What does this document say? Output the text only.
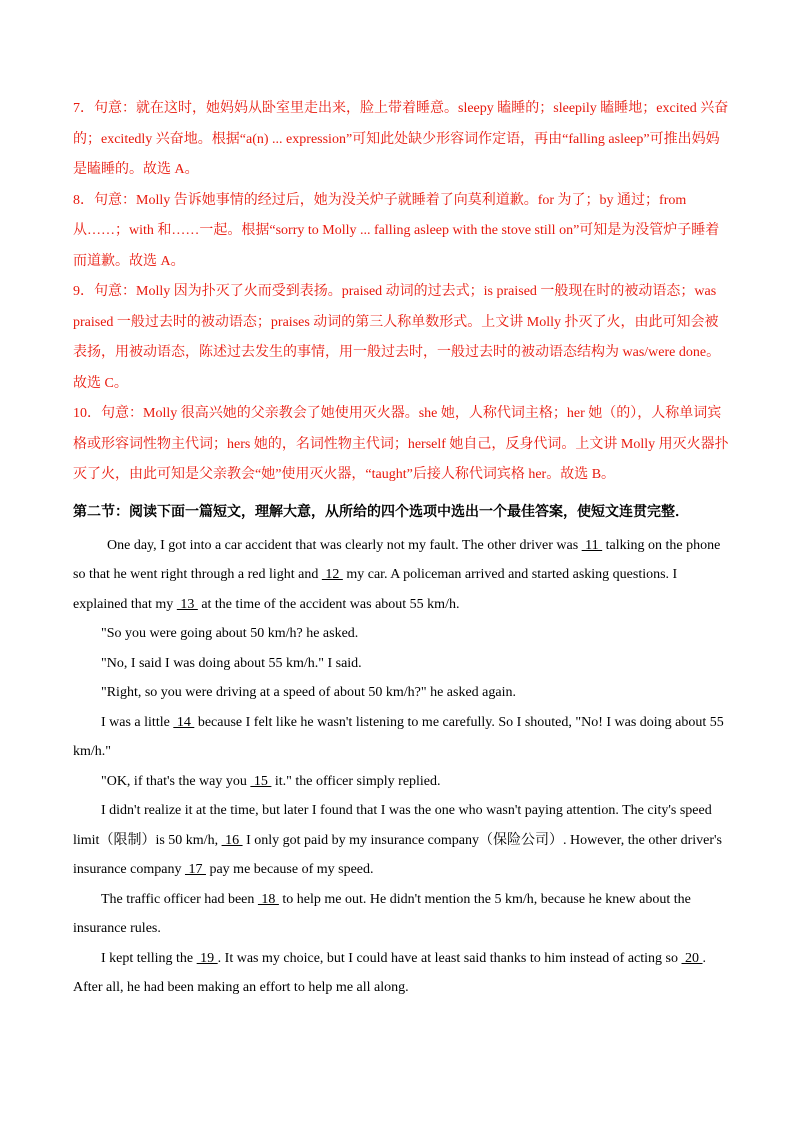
7．句意：就在这时，她妈妈从卧室里走出来，脸上带着睡意。sleepy 瞌睡的；sleepily 瞌睡地；excited 兴奋的；excitedly 兴奋地。根据“a(n) ... expression”可知此处缺少形容词作定语，再由“falling asleep”可推出妈妈是瞌睡的。故选 A。

8．句意：Molly 告诉她事情的经过后，她为没关炉子就睡着了向莫利道歉。for 为了；by 通过；from 从……；with 和……一起。根据“sorry to Molly ... falling asleep with the stove still on”可知是为没管炉子睡着而道歉。故选 A。

9．句意：Molly 因为扑灭了火而受到表扬。praised 动词的过去式；is praised 一般现在时的被动语态；was praised 一般过去时的被动语态；praises 动词的第三人称单数形式。上文讲 Molly 扑灭了火，由此可知会被表扬，用被动语态，陈述过去发生的事情，用一般过去时，一般过去时的被动语态结构为 was/were done。故选 C。

10．句意：Molly 很高兴她的父亲教会了她使用灭火器。she 她，人称代词主格；her 她（的），人称单词宾格或形容词性物主代词；hers 她的，名词性物主代词；herself 她自己，反身代词。上文讲 Molly 用灭火器扑灭了火，由此可知是父亲教会“她”使用灭火器，“taught”后接人称代词宾格 her。故选 B。

第二节：阅读下面一篇短文，理解大意，从所给的四个选项中选出一个最佳答案，使短文连贯完整．

One day, I got into a car accident that was clearly not my fault. The other driver was  11  talking on the phone so that he went right through a red light and  12  my car. A policeman arrived and started asking questions. I explained that my  13  at the time of the accident was about 55 km/h.

"So you were going about 50 km/h? he asked.

"No, I said I was doing about 55 km/h." I said.

"Right, so you were driving at a speed of about 50 km/h?" he asked again.

I was a little  14  because I felt like he wasn't listening to me carefully. So I shouted, "No! I was doing about 55 km/h."

"OK, if that's the way you  15  it." the officer simply replied.

I didn't realize it at the time, but later I found that I was the one who wasn't paying attention. The city's speed limit（限制）is 50 km/h,  16  I only got paid by my insurance company（保险公司）. However, the other driver's insurance company  17  pay me because of my speed.

The traffic officer had been  18  to help me out. He didn't mention the 5 km/h, because he knew about the insurance rules.

I kept telling the  19 . It was my choice, but I could have at least said thanks to him instead of acting so  20 . After all, he had been making an effort to help me all along.
